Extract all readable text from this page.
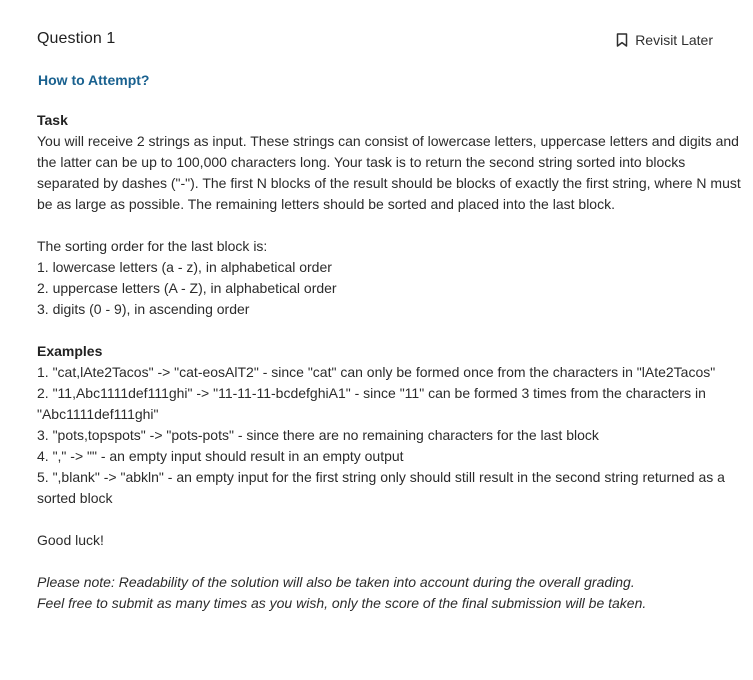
Question 1	Revisit Later
How to Attempt?

Task

You will receive 2 strings as input. These strings can consist of lowercase letters, uppercase letters and digits and the latter can be up to 100,000 characters long. Your task is to return the second string sorted into blocks separated by dashes ("-"). The first N blocks of the result should be blocks of exactly the first string, where N must be as large as possible. The remaining letters should be sorted and placed into the last block.

The sorting order for the last block is:

1. lowercase letters (a - z), in alphabetical order

2. uppercase letters (A - Z), in alphabetical order

3. digits (0 - 9), in ascending order

Examples

1. "cat,lAte2Tacos" -> "cat-eosAlT2" - since "cat" can only be formed once from the characters in "lAte2Tacos"

2. "11,Abc1111def111ghi" -> "11-11-11-bcdefghiA1" - since "11" can be formed 3 times from the characters in "Abc1111def111ghi"

3. "pots,topspots" -> "pots-pots" - since there are no remaining characters for the last block

4. "," -> "" - an empty input should result in an empty output

5. ",blank" -> "abkln" - an empty input for the first string only should still result in the second string returned as a sorted block

Good luck!

Please note: Readability of the solution will also be taken into account during the overall grading.

Feel free to submit as many times as you wish, only the score of the final submission will be taken.
